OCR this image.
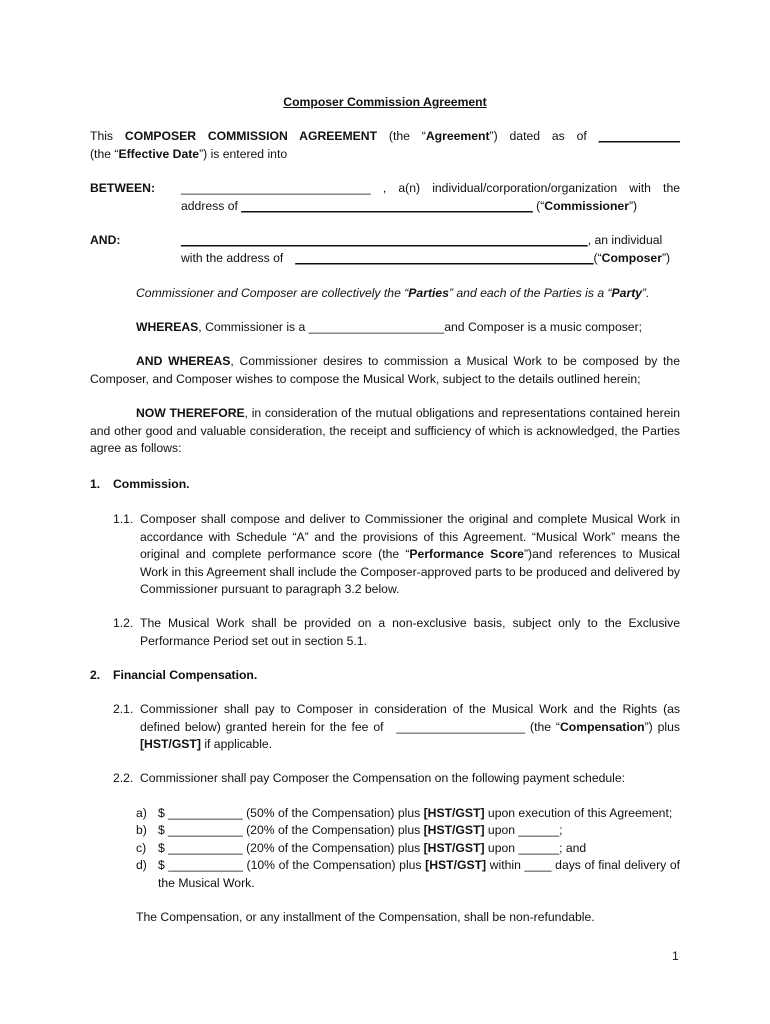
Composer Commission Agreement
This COMPOSER COMMISSION AGREEMENT (the “Agreement”) dated as of ____________
(the “Effective Date”) is entered into
BETWEEN: ____________________________ , a(n) individual/corporation/organization with the
address of ___________________________________________ (“Commissioner”)
AND:	____________________________________________________________, an individual
with the address of ____________________________________________(“Composer”)
Commissioner and Composer are collectively the “Parties” and each of the Parties is a “Party”.
WHEREAS, Commissioner is a ____________________and Composer is a music composer;
AND WHEREAS, Commissioner desires to commission a Musical Work to be composed by the Composer, and Composer wishes to compose the Musical Work, subject to the details outlined herein;
NOW THEREFORE, in consideration of the mutual obligations and representations contained herein and other good and valuable consideration, the receipt and sufficiency of which is acknowledged, the Parties agree as follows:
1. Commission.
1.1. Composer shall compose and deliver to Commissioner the original and complete Musical Work in accordance with Schedule “A” and the provisions of this Agreement. “Musical Work” means the original and complete performance score (the “Performance Score”)and references to Musical Work in this Agreement shall include the Composer-approved parts to be produced and delivered by Commissioner pursuant to paragraph 3.2 below.
1.2. The Musical Work shall be provided on a non-exclusive basis, subject only to the Exclusive Performance Period set out in section 5.1.
2. Financial Compensation.
2.1. Commissioner shall pay to Composer in consideration of the Musical Work and the Rights (as defined below) granted herein for the fee of ___________________ (the “Compensation”) plus [HST/GST] if applicable.
2.2. Commissioner shall pay Composer the Compensation on the following payment schedule:
a) $ ___________ (50% of the Compensation) plus [HST/GST] upon execution of this Agreement;
b) $ ___________ (20% of the Compensation) plus [HST/GST] upon ______;
c) $ ___________ (20% of the Compensation) plus [HST/GST] upon ______; and
d) $ ___________ (10% of the Compensation) plus [HST/GST] within ____ days of final delivery of the Musical Work.
The Compensation, or any installment of the Compensation, shall be non-refundable.
1
